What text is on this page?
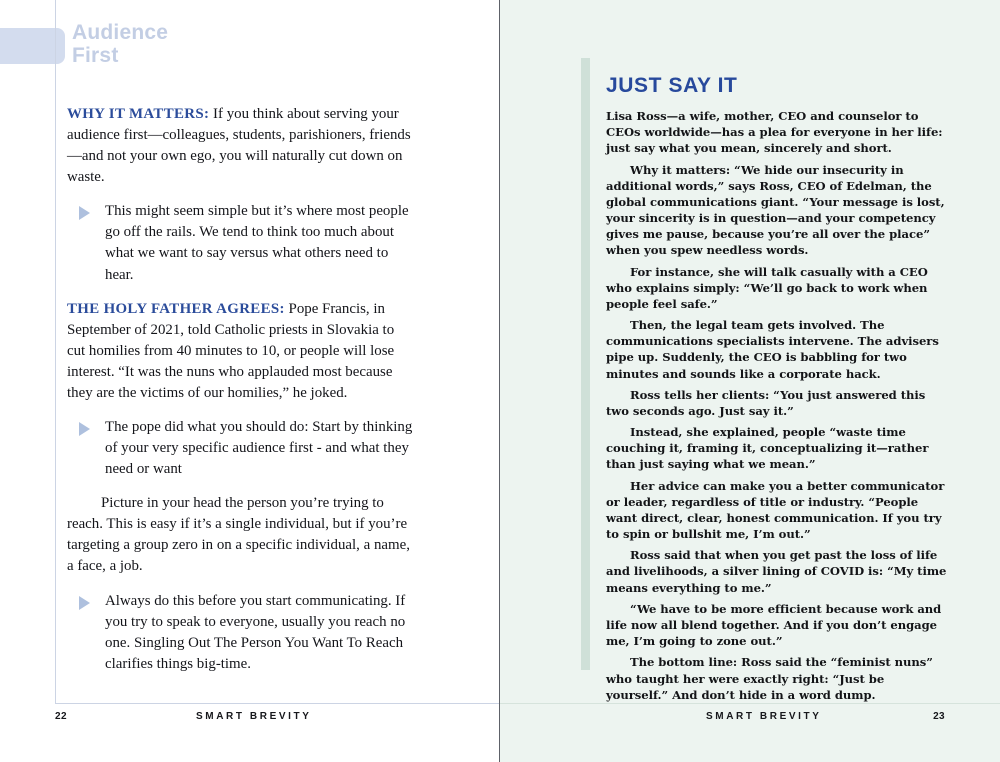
Audience
First

WHY IT MATTERS: If you think about serving your audience first—colleagues, students, parishioners, friends—and not your own ego, you will naturally cut down on waste.

This might seem simple but it’s where most people go off the rails. We tend to think too much about what we want to say versus what others need to hear.

THE HOLY FATHER AGREES: Pope Francis, in September of 2021, told Catholic priests in Slovakia to cut homilies from 40 minutes to 10, or people will lose interest. “It was the nuns who applauded most because they are the victims of our homilies,” he joked.

The pope did what you should do: Start by thinking of your very specific audience first - and what they need or want

Picture in your head the person you’re trying to reach. This is easy if it’s a single individual, but if you’re targeting a group zero in on a specific individual, a name, a face, a job.

Always do this before you start communicating. If you try to speak to everyone, usually you reach no one. Singling Out The Person You Want To Reach clarifies things big-time.
22	SMART BREVITY
JUST SAY IT

Lisa Ross—a wife, mother, CEO and counselor to CEOs worldwide—has a plea for everyone in her life: just say what you mean, sincerely and short.

Why it matters: “We hide our insecurity in additional words,” says Ross, CEO of Edelman, the global communications giant. “Your message is lost, your sincerity is in question—and your competency gives me pause, because you’re all over the place” when you spew needless words.

For instance, she will talk casually with a CEO who explains simply: “We’ll go back to work when people feel safe.”

Then, the legal team gets involved. The communications specialists intervene. The advisers pipe up. Suddenly, the CEO is babbling for two minutes and sounds like a corporate hack.

Ross tells her clients: “You just answered this two seconds ago. Just say it.”

Instead, she explained, people “waste time couching it, framing it, conceptualizing it—rather than just saying what we mean.”

Her advice can make you a better communicator or leader, regardless of title or industry. “People want direct, clear, honest communication. If you try to spin or bullshit me, I’m out.”

Ross said that when you get past the loss of life and livelihoods, a silver lining of COVID is: “My time means everything to me.”

“We have to be more efficient because work and life now all blend together. And if you don’t engage me, I’m going to zone out.”

The bottom line: Ross said the “feminist nuns” who taught her were exactly right: “Just be yourself.” And don’t hide in a word dump.

SMART BREVITY	23
